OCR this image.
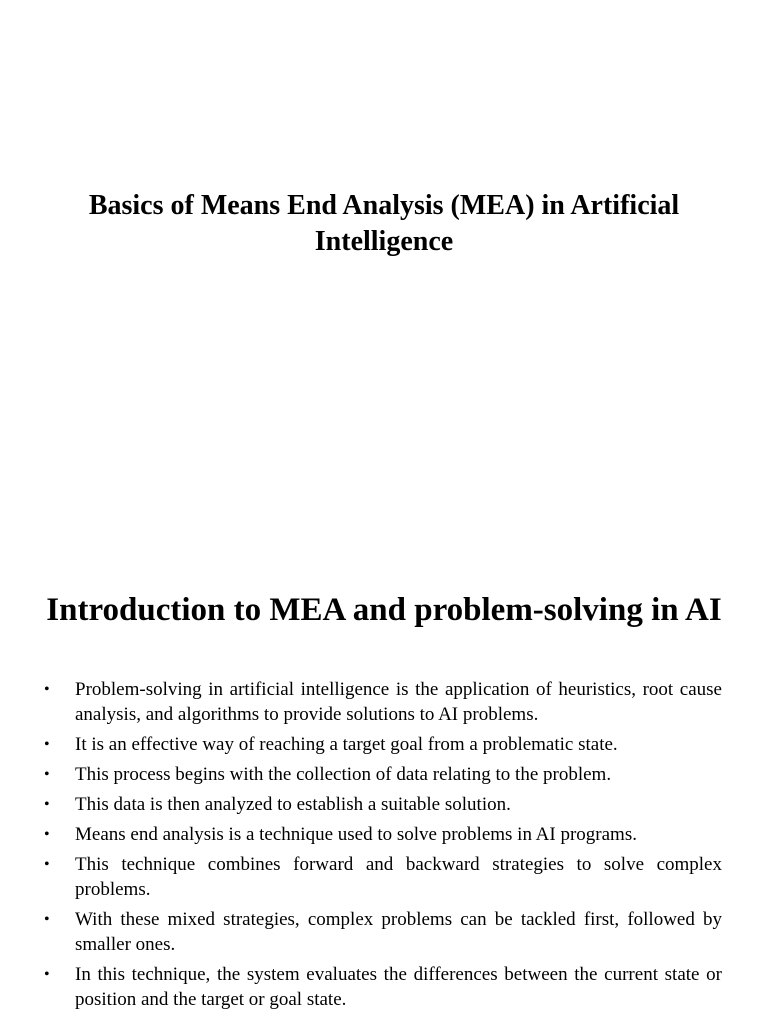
Basics of Means End Analysis (MEA) in Artificial Intelligence
Introduction to MEA and problem-solving in AI
•	Problem-solving in artificial intelligence is the application of heuristics, root cause analysis, and algorithms to provide solutions to AI problems.
•	It is an effective way of reaching a target goal from a problematic state.
•	This process begins with the collection of data relating to the problem.
•	This data is then analyzed to establish a suitable solution.
•	Means end analysis is a technique used to solve problems in AI programs.
•	This technique combines forward and backward strategies to solve complex problems.
•	With these mixed strategies, complex problems can be tackled first, followed by smaller ones.
•	In this technique, the system evaluates the differences between the current state or position and the target or goal state.
